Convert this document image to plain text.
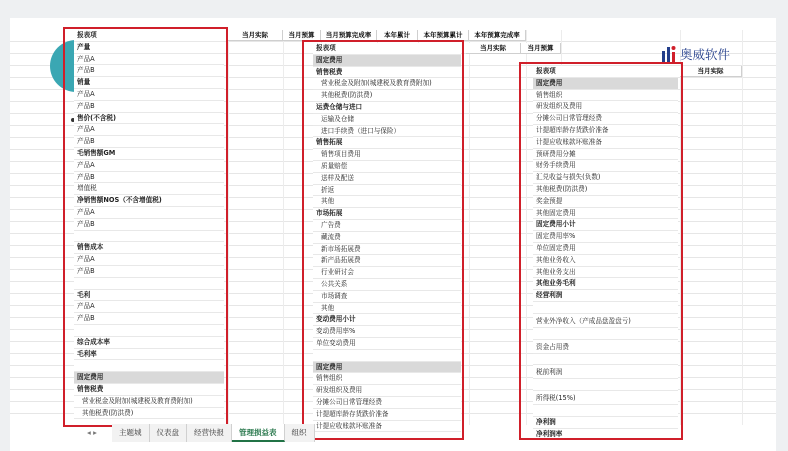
当月实际	当月预算	当月预算完成率	本年累计	本年预算累计	本年预算完成率
当月实际	当月预算
当月实际
奥威软件
报表项
产量
产品A
产品B
销量
产品A
产品B
售价(不含税)
产品A
产品B
毛销售额GM
产品A
产品B
增值税
净销售额NOS（不含增值税)
产品A
产品B
销售成本
产品A
产品B
毛利
产品A
产品B
综合成本率
毛利率
固定费用
销售税费
营业税金及附加(城建税及教育费附加)
其他税费(防洪费)
报表项
固定费用
销售税费
营业税金及附加(城建税及教育费附加)
其他税费(防洪费)
运费仓储与进口
运输及仓储
进口手续费（进口与保险）
销售拓展
销售项目费用
质量赔偿
送样及配送
折返
其他
市场拓展
广告费
藏流费
新市场拓展费
新产品拓展费
行业研讨会
公共关系
市场调查
其他
变动费用小计
变动费用率%
单位变动费用
固定费用
销售组织
研发组织及费用
分摊公司日常管理经费
计提超库龄存货跌价准备
计提应收账款坏账准备
报表项
固定费用
销售组织
研发组织及费用
分摊公司日常管理经费
计提超库龄存货跌价准备
计提应收账款坏账准备
预研费用分摊
财务手续费用
汇兑收益与损失(负数)
其他税费(防洪费)
奖金预提
其他固定费用
固定费用小计
固定费用率%
单位固定费用
其他业务收入
其他业务支出
其他业务毛利
经营利润
营业外净收入（产成品盘盈盘亏)
资金占用费
税前利润
所得税(15%)
净利润
净利润率
◂ ▸	主题城	仪表盘	经营快报	管理损益表	组织
